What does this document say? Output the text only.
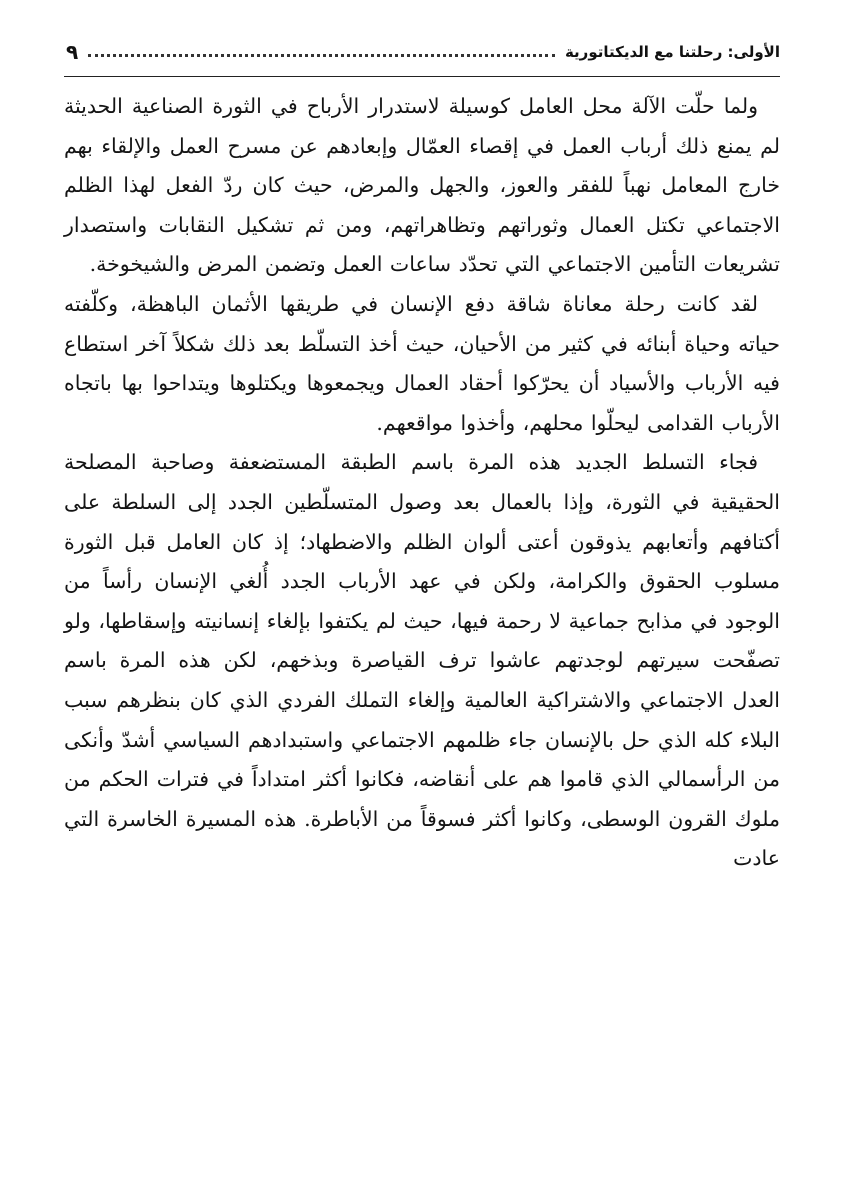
الأولى: رحلتنا مع الديكتاتورية
٩

ولما حلّت الآلة محل العامل كوسيلة لاستدرار الأرباح في الثورة الصناعية الحديثة لم يمنع ذلك أرباب العمل في إقصاء العمّال وإبعادهم عن مسرح العمل والإلقاء بهم خارج المعامل نهباً للفقر والعوز، والجهل والمرض، حيث كان ردّ الفعل لهذا الظلم الاجتماعي تكتل العمال وثوراتهم وتظاهراتهم، ومن ثم تشكيل النقابات واستصدار تشريعات التأمين الاجتماعي التي تحدّد ساعات العمل وتضمن المرض والشيخوخة.

لقد كانت رحلة معاناة شاقة دفع الإنسان في طريقها الأثمان الباهظة، وكلّفته حياته وحياة أبنائه في كثير من الأحيان، حيث أخذ التسلّط بعد ذلك شكلاً آخر استطاع فيه الأرباب والأسياد أن يحرّكوا أحقاد العمال ويجمعوها ويكتلوها ويتداحوا بها باتجاه الأرباب القدامى ليحلّوا محلهم، وأخذوا مواقعهم.

فجاء التسلط الجديد هذه المرة باسم الطبقة المستضعفة وصاحبة المصلحة الحقيقية في الثورة، وإذا بالعمال بعد وصول المتسلّطين الجدد إلى السلطة على أكتافهم وأتعابهم يذوقون أعتى ألوان الظلم والاضطهاد؛ إذ كان العامل قبل الثورة مسلوب الحقوق والكرامة، ولكن في عهد الأرباب الجدد أُلغي الإنسان رأساً من الوجود في مذابح جماعية لا رحمة فيها، حيث لم يكتفوا بإلغاء إنسانيته وإسقاطها، ولو تصفّحت سيرتهم لوجدتهم عاشوا ترف القياصرة وبذخهم، لكن هذه المرة باسم العدل الاجتماعي والاشتراكية العالمية وإلغاء التملك الفردي الذي كان بنظرهم سبب البلاء كله الذي حل بالإنسان جاء ظلمهم الاجتماعي واستبدادهم السياسي أشدّ وأنكى من الرأسمالي الذي قاموا هم على أنقاضه، فكانوا أكثر امتداداً في فترات الحكم من ملوك القرون الوسطى، وكانوا أكثر فسوقاً من الأباطرة. هذه المسيرة الخاسرة التي عادت
